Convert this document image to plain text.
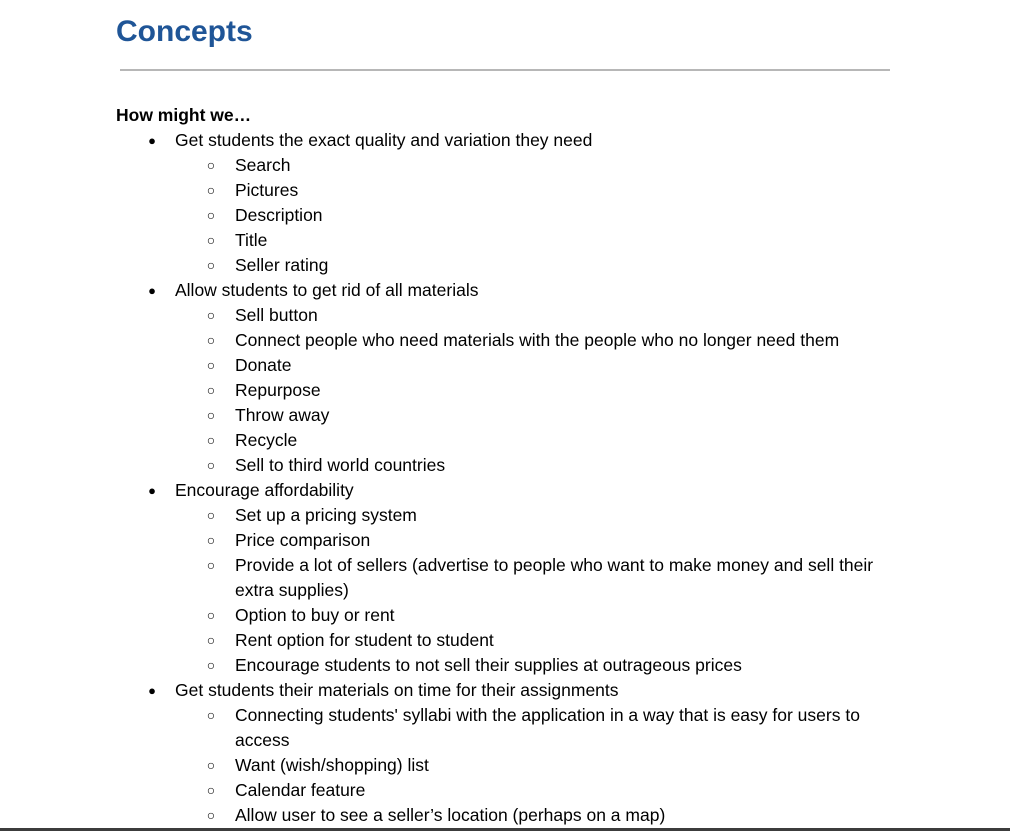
Concepts

How might we…

● Get students the exact quality and variation they need
○ Search
○ Pictures
○ Description
○ Title
○ Seller rating
● Allow students to get rid of all materials
○ Sell button
○ Connect people who need materials with the people who no longer need them
○ Donate
○ Repurpose
○ Throw away
○ Recycle
○ Sell to third world countries
● Encourage affordability
○ Set up a pricing system
○ Price comparison
○ Provide a lot of sellers (advertise to people who want to make money and sell their extra supplies)
○ Option to buy or rent
○ Rent option for student to student
○ Encourage students to not sell their supplies at outrageous prices
● Get students their materials on time for their assignments
○ Connecting students' syllabi with the application in a way that is easy for users to access
○ Want (wish/shopping) list
○ Calendar feature
○ Allow user to see a seller’s location (perhaps on a map)
